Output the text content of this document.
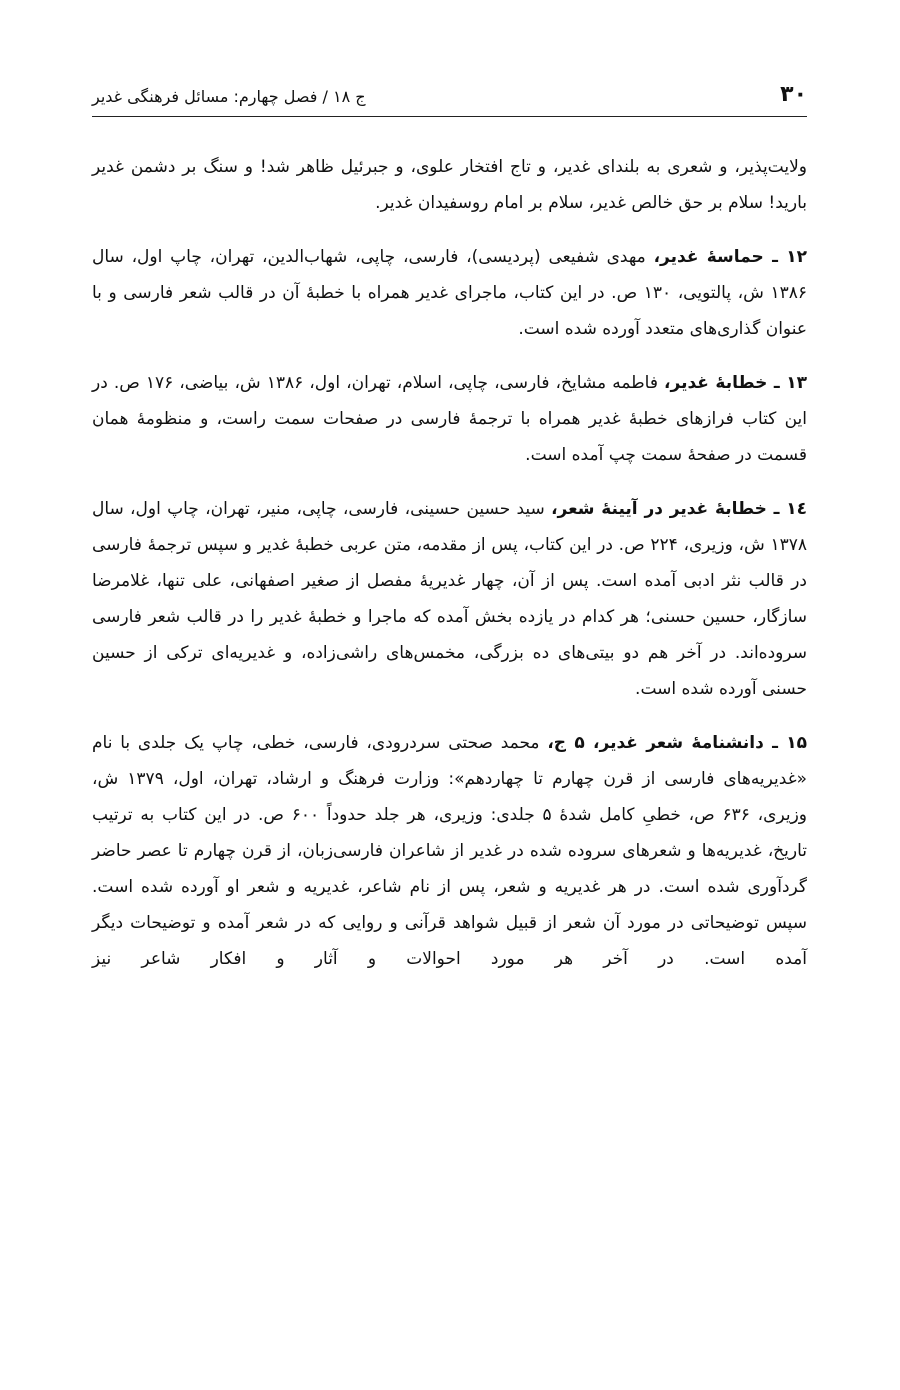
۳۰
ج ۱۸ / فصل چهارم: مسائل فرهنگی غدیر

ولایت‌پذیر، و شعری به بلندای غدیر، و تاج افتخار علوی، و جبرئیل ظاهر شد! و سنگ بر دشمن غدیر بارید! سلام بر حق خالص غدیر، سلام بر امام روسفیدان غدیر.

۱۲ ـ حماسهٔ غدیر، مهدی شفیعی (پردیسی)، فارسی، چاپی، شهاب‌الدین، تهران، چاپ اول، سال ۱۳۸۶ ش، پالتویی، ۱۳۰ ص. در این کتاب، ماجرای غدیر همراه با خطبهٔ آن در قالب شعر فارسی و با عنوان گذاری‌های متعدد آورده شده است.

۱۳ ـ خطابهٔ غدیر، فاطمه مشایخ، فارسی، چاپی، اسلام، تهران، اول، ۱۳۸۶ ش، بیاضی، ۱۷۶ ص. در این کتاب فرازهای خطبهٔ غدیر همراه با ترجمهٔ فارسی در صفحات سمت راست، و منظومهٔ همان قسمت در صفحهٔ سمت چپ آمده است.

۱٤ ـ خطابهٔ غدیر در آیینهٔ شعر، سید حسین حسینی، فارسی، چاپی، منیر، تهران، چاپ اول، سال ۱۳۷۸ ش، وزیری، ۲۲۴ ص. در این کتاب، پس از مقدمه، متن عربی خطبهٔ غدیر و سپس ترجمهٔ فارسی در قالب نثر ادبی آمده است. پس از آن، چهار غدیریهٔ مفصل از صغیر اصفهانی، علی تنها، غلامرضا سازگار، حسین حسنی؛ هر کدام در یازده بخش آمده که ماجرا و خطبهٔ غدیر را در قالب شعر فارسی سروده‌اند. در آخر هم دو بیتی‌های ده بزرگی، مخمس‌های راشی‌زاده، و غدیریه‌ای ترکی از حسین حسنی آورده شده است.

۱۵ ـ دانشنامهٔ شعر غدیر، ۵ ج، محمد صحتی سردرودی، فارسی، خطی، چاپ یک جلدی با نام «غدیریه‌های فارسی از قرن چهارم تا چهاردهم»: وزارت فرهنگ و ارشاد، تهران، اول، ۱۳۷۹ ش، وزیری، ۶۳۶ ص، خطیِ کامل شدهٔ ۵ جلدی: وزیری، هر جلد حدوداً ۶۰۰ ص. در این کتاب به ترتیب تاریخ، غدیریه‌ها و شعرهای سروده شده در غدیر از شاعران فارسی‌زبان، از قرن چهارم تا عصر حاضر گردآوری شده است. در هر غدیریه و شعر، پس از نام شاعر، غدیریه و شعر او آورده شده است. سپس توضیحاتی در مورد آن شعر از قبیل شواهد قرآنی و روایی که در شعر آمده و توضیحات دیگر آمده است. در آخر هر مورد احوالات و آثار و افکار شاعر نیز
